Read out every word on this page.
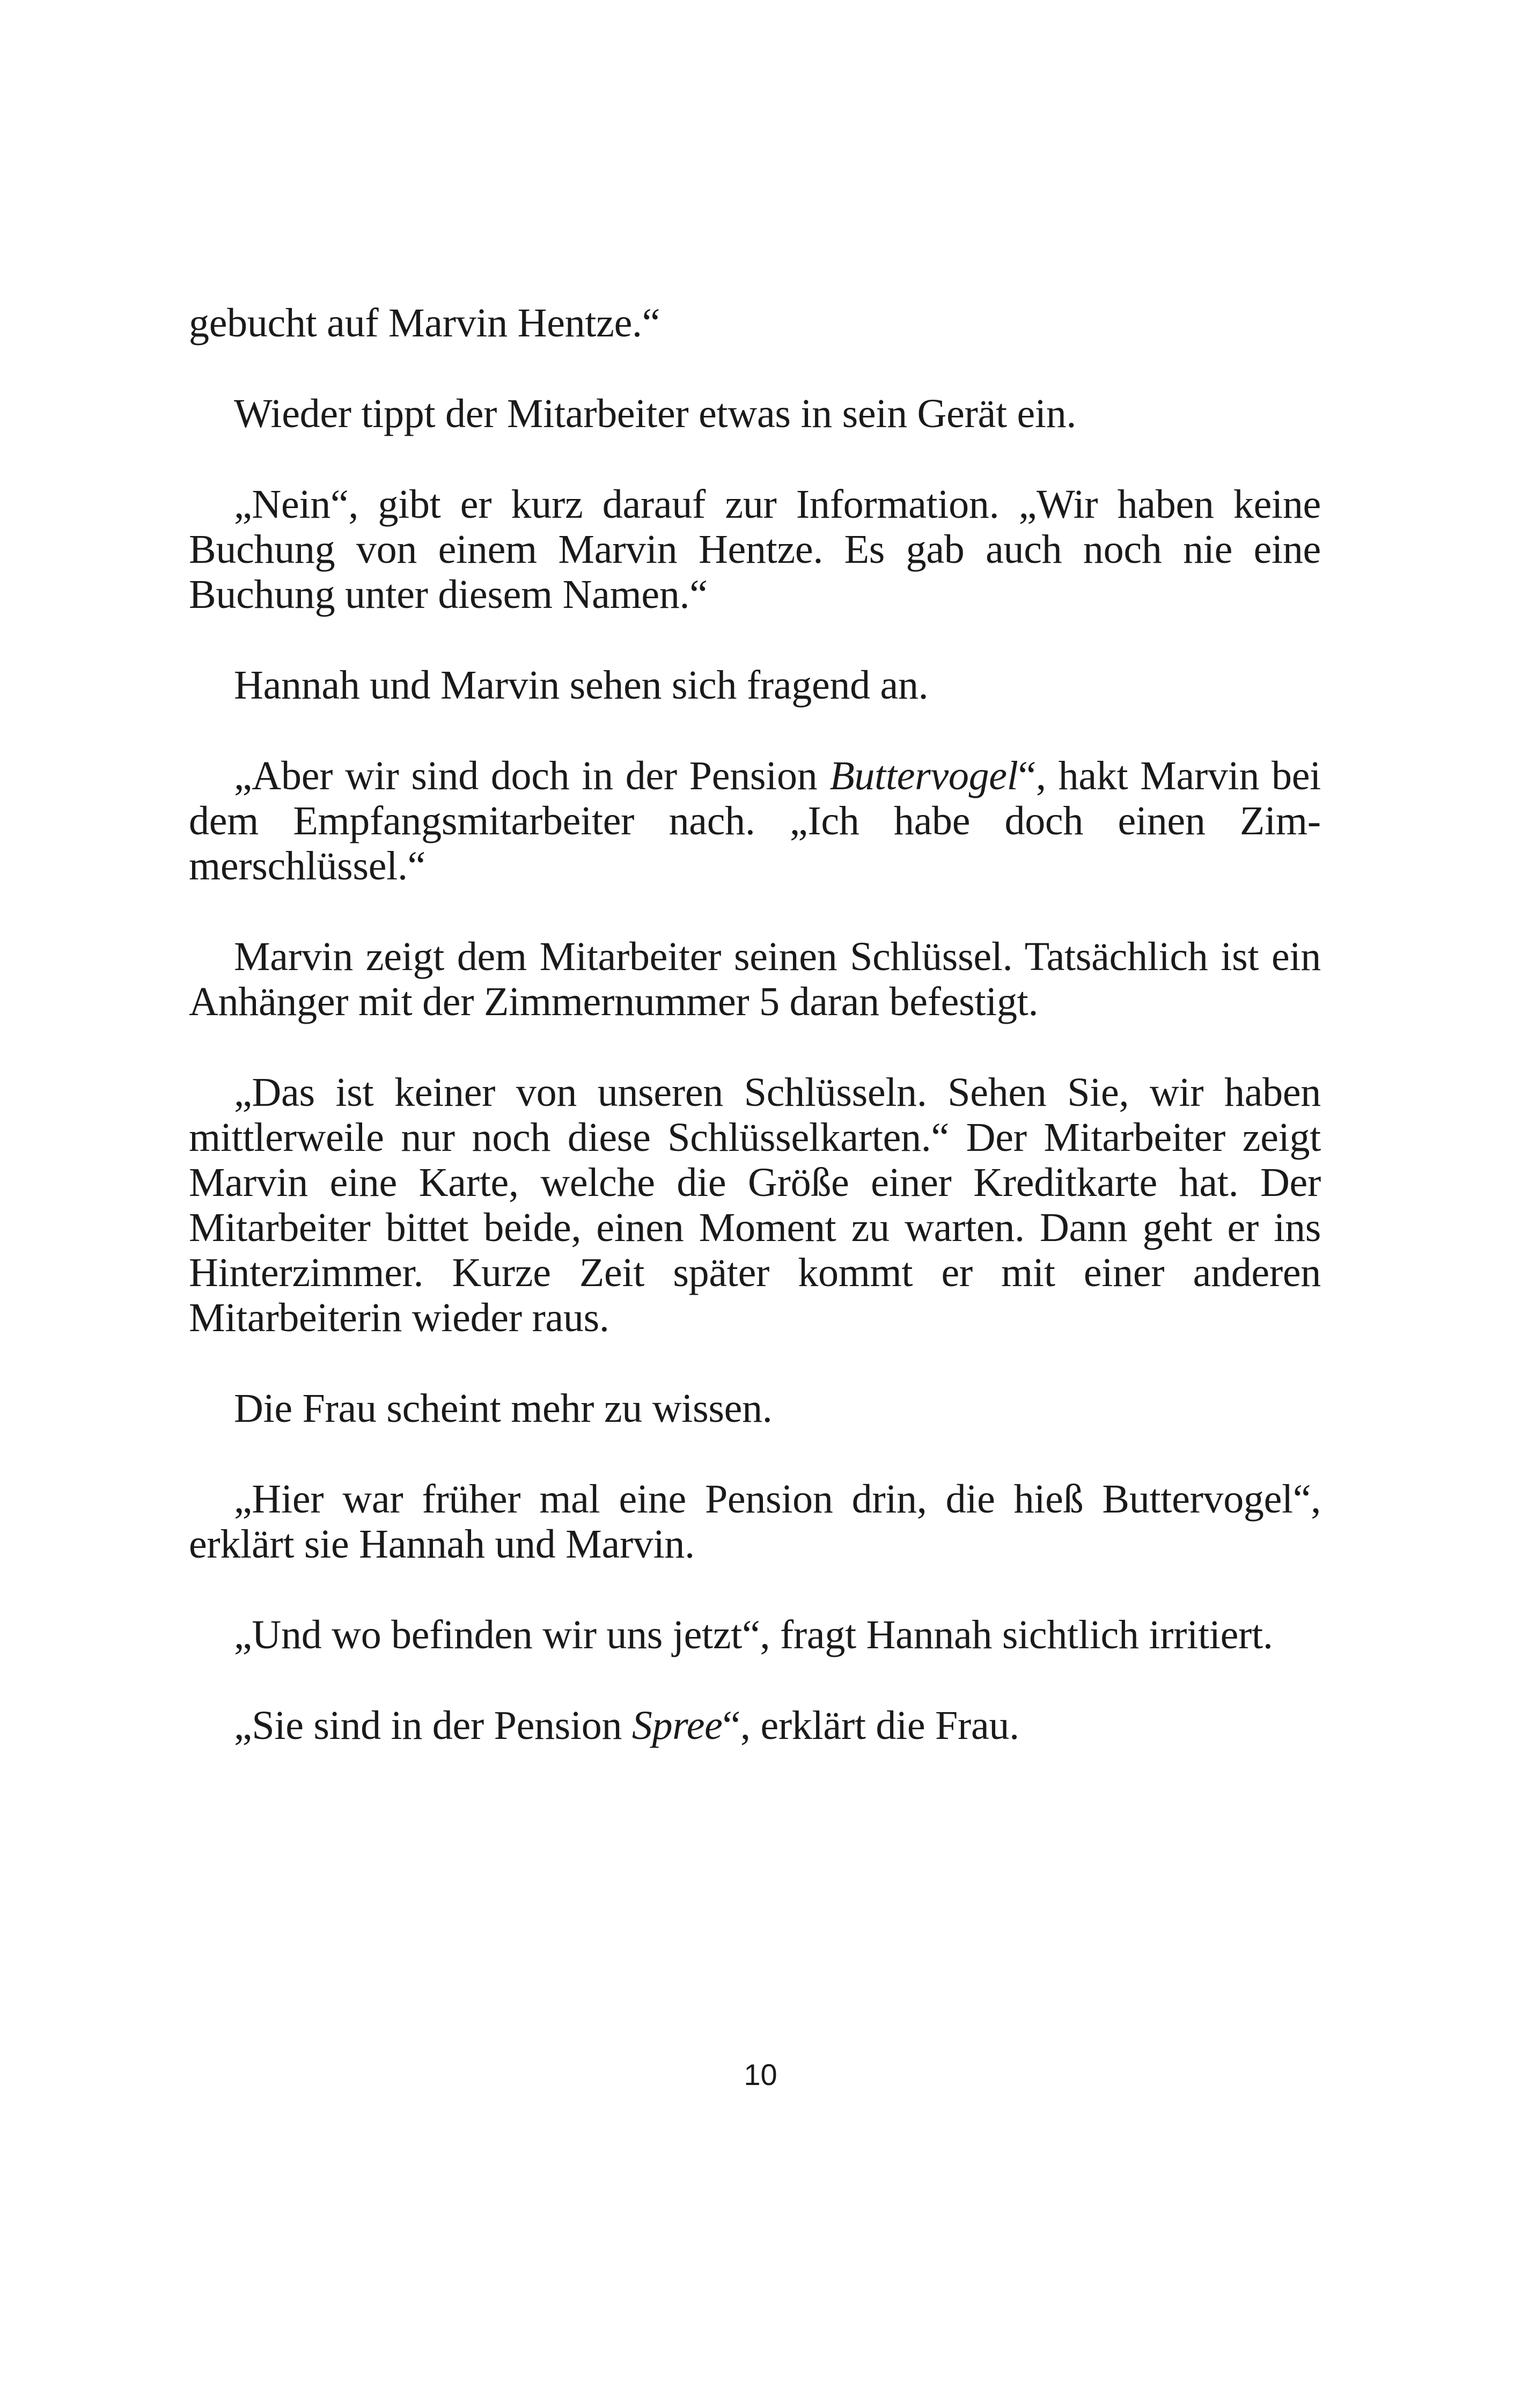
gebucht auf Marvin Hentze.“

Wieder tippt der Mitarbeiter etwas in sein Gerät ein.

„Nein“, gibt er kurz darauf zur Information. „Wir haben keine Buchung von einem Marvin Hentze. Es gab auch noch nie eine Buchung unter diesem Namen.“

Hannah und Marvin sehen sich fragend an.

„Aber wir sind doch in der Pension Buttervogel“, hakt Marvin bei dem Empfangsmitarbeiter nach. „Ich habe doch einen Zimmerschlüssel.“

Marvin zeigt dem Mitarbeiter seinen Schlüssel. Tatsächlich ist ein Anhänger mit der Zimmernummer 5 daran befestigt.

„Das ist keiner von unseren Schlüsseln. Sehen Sie, wir haben mittlerweile nur noch diese Schlüsselkarten.“ Der Mitarbeiter zeigt Marvin eine Karte, welche die Größe einer Kreditkarte hat. Der Mitarbeiter bittet beide, einen Moment zu warten. Dann geht er ins Hinterzimmer. Kurze Zeit später kommt er mit einer anderen Mitarbeiterin wieder raus.

Die Frau scheint mehr zu wissen.

„Hier war früher mal eine Pension drin, die hieß Buttervogel“, erklärt sie Hannah und Marvin.

„Und wo befinden wir uns jetzt“, fragt Hannah sichtlich irritiert.

„Sie sind in der Pension Spree“, erklärt die Frau.

10
